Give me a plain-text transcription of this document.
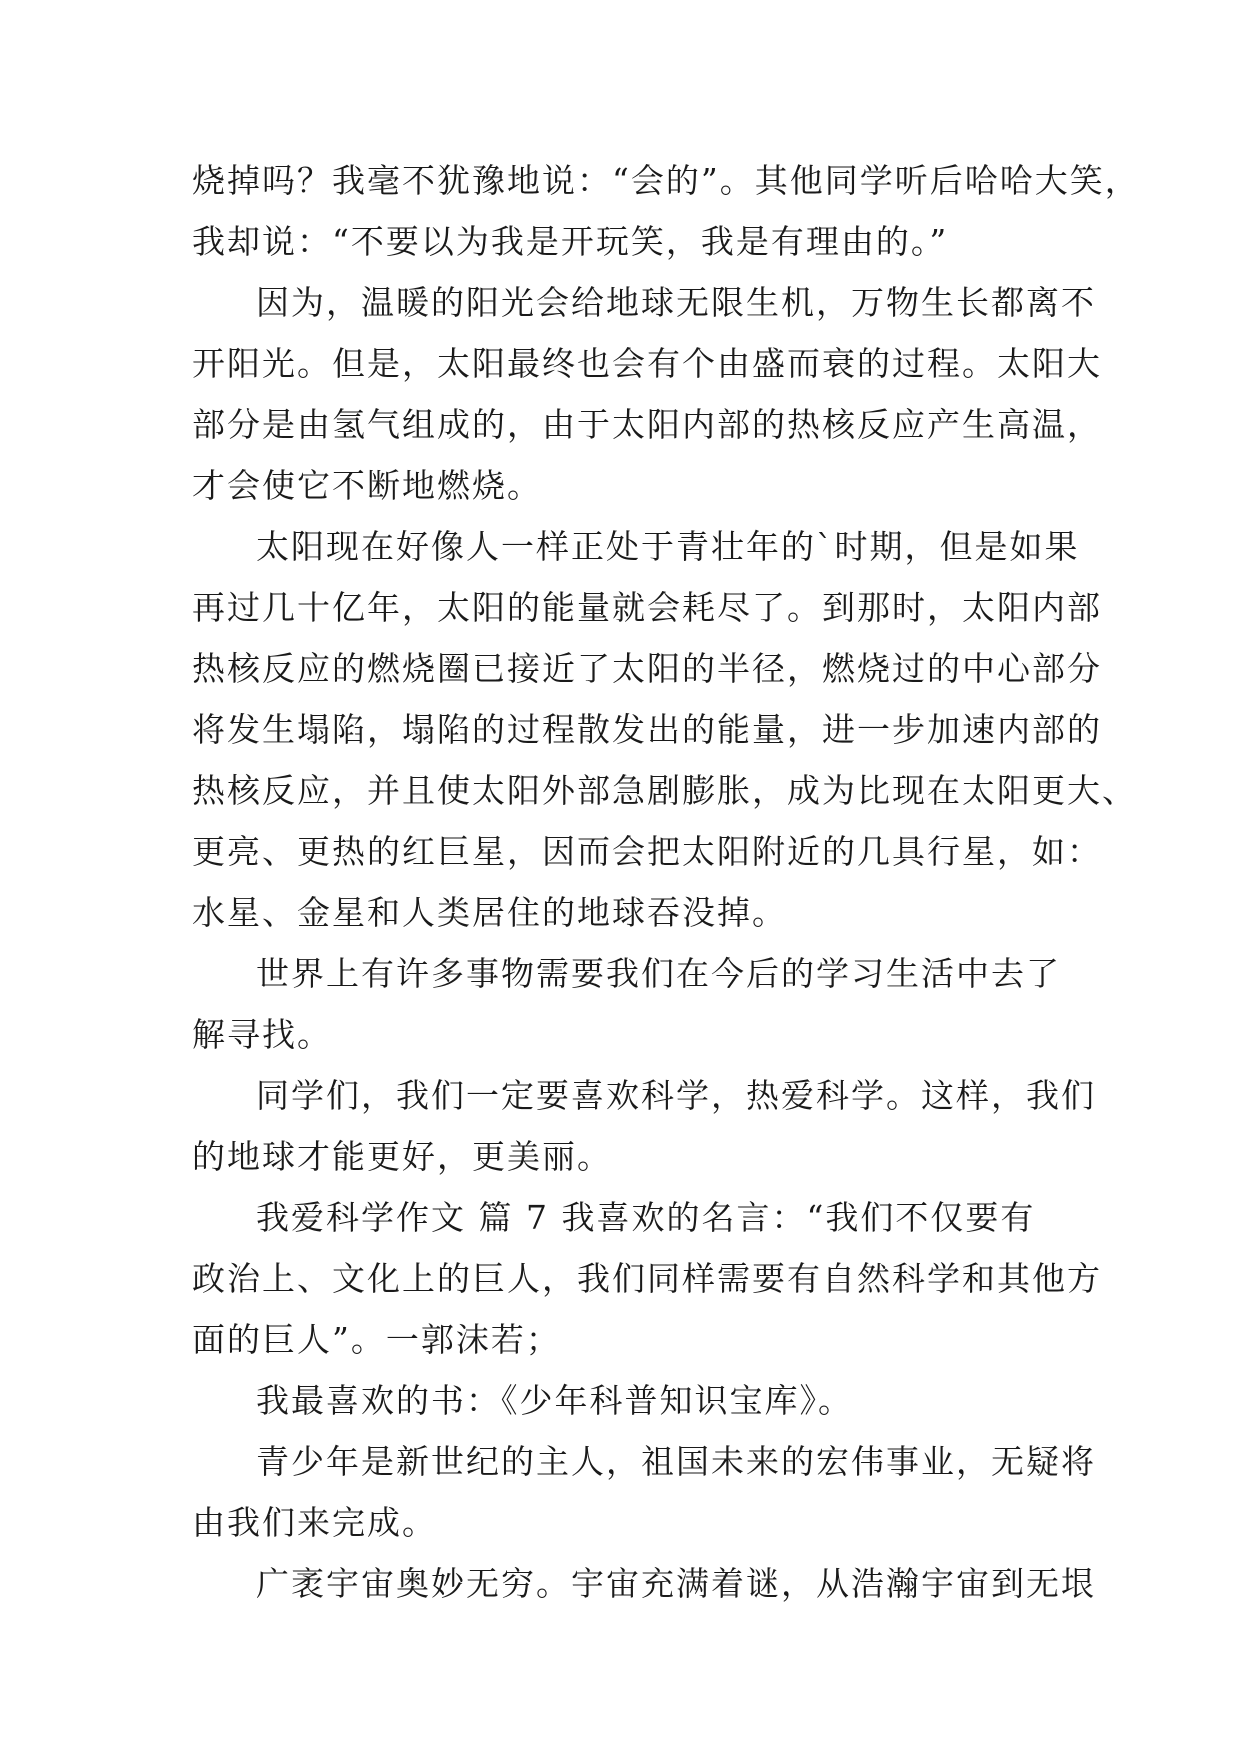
烧掉吗？我毫不犹豫地说：“会的”。其他同学听后哈哈大笑，
我却说：“不要以为我是开玩笑，我是有理由的。”
因为，温暖的阳光会给地球无限生机，万物生长都离不
开阳光。但是，太阳最终也会有个由盛而衰的过程。太阳大
部分是由氢气组成的，由于太阳内部的热核反应产生高温，
才会使它不断地燃烧。
太阳现在好像人一样正处于青壮年的`时期，但是如果
再过几十亿年，太阳的能量就会耗尽了。到那时，太阳内部
热核反应的燃烧圈已接近了太阳的半径，燃烧过的中心部分
将发生塌陷，塌陷的过程散发出的能量，进一步加速内部的
热核反应，并且使太阳外部急剧膨胀，成为比现在太阳更大、
更亮、更热的红巨星，因而会把太阳附近的几具行星，如：
水星、金星和人类居住的地球吞没掉。
世界上有许多事物需要我们在今后的学习生活中去了
解寻找。
同学们，我们一定要喜欢科学，热爱科学。这样，我们
的地球才能更好，更美丽。
我爱科学作文 篇 7 我喜欢的名言：“我们不仅要有
政治上、文化上的巨人，我们同样需要有自然科学和其他方
面的巨人”。一郭沫若；
我最喜欢的书：《少年科普知识宝库》。
青少年是新世纪的主人，祖国未来的宏伟事业，无疑将
由我们来完成。
广袤宇宙奥妙无穷。宇宙充满着谜，从浩瀚宇宙到无垠
